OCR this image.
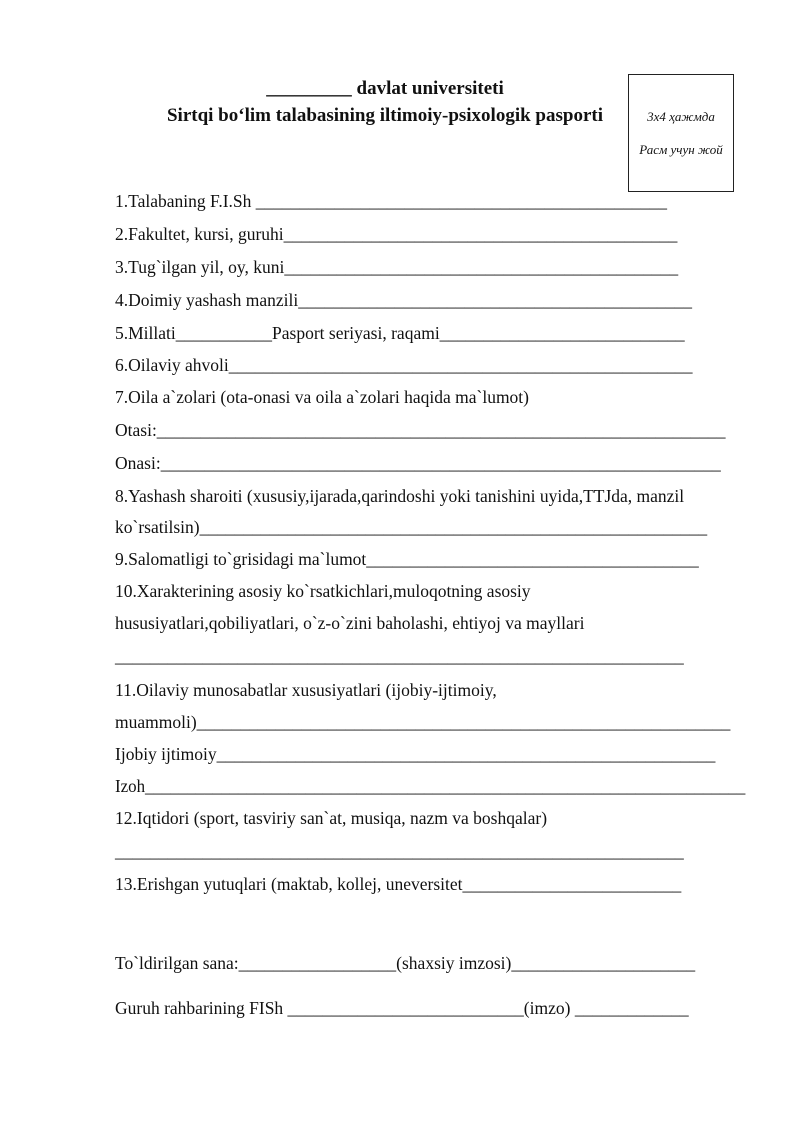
_________ davlat universiteti
Sirtqi boʻlim talabasining iltimoiy-psixologik pasporti	3x4 ҳажмда
Расм учун жой
1.Talabaning F.I.Sh _______________________________________________
2.Fakultet, kursi, guruhi_____________________________________________
3.Tug`ilgan yil, oy, kuni_____________________________________________
4.Doimiy yashash manzili_____________________________________________
5.Millati___________Pasport seriyasi, raqami____________________________
6.Oilaviy ahvoli_____________________________________________________
7.Oila a`zolari (ota-onasi va oila a`zolari haqida ma`lumot)
Otasi:_________________________________________________________________
Onasi:________________________________________________________________
8.Yashash sharoiti (xususiy,ijarada,qarindoshi yoki tanishini uyida,TTJda, manzil
ko`rsatilsin)__________________________________________________________
9.Salomatligi to`grisidagi ma`lumot______________________________________
10.Xarakterining asosiy ko`rsatkichlari,muloqotning asosiy
hususiyatlari,qobiliyatlari, o`z-o`zini baholashi, ehtiyoj va mayllari
_________________________________________________________________
11.Oilaviy munosabatlar xususiyatlari (ijobiy-ijtimoiy,
muammoli)_____________________________________________________________
Ijobiy ijtimoiy_________________________________________________________
Izoh_______________________________________________________________________
12.Iqtidori (sport, tasviriy san`at, musiqa, nazm va boshqalar)
_________________________________________________________________
13.Erishgan yutuqlari (maktab, kollej, uneversitet_________________________
To`ldirilgan sana:__________________(shaxsiy imzosi)_____________________
Guruh rahbarining FISh ___________________________(imzo) _____________
